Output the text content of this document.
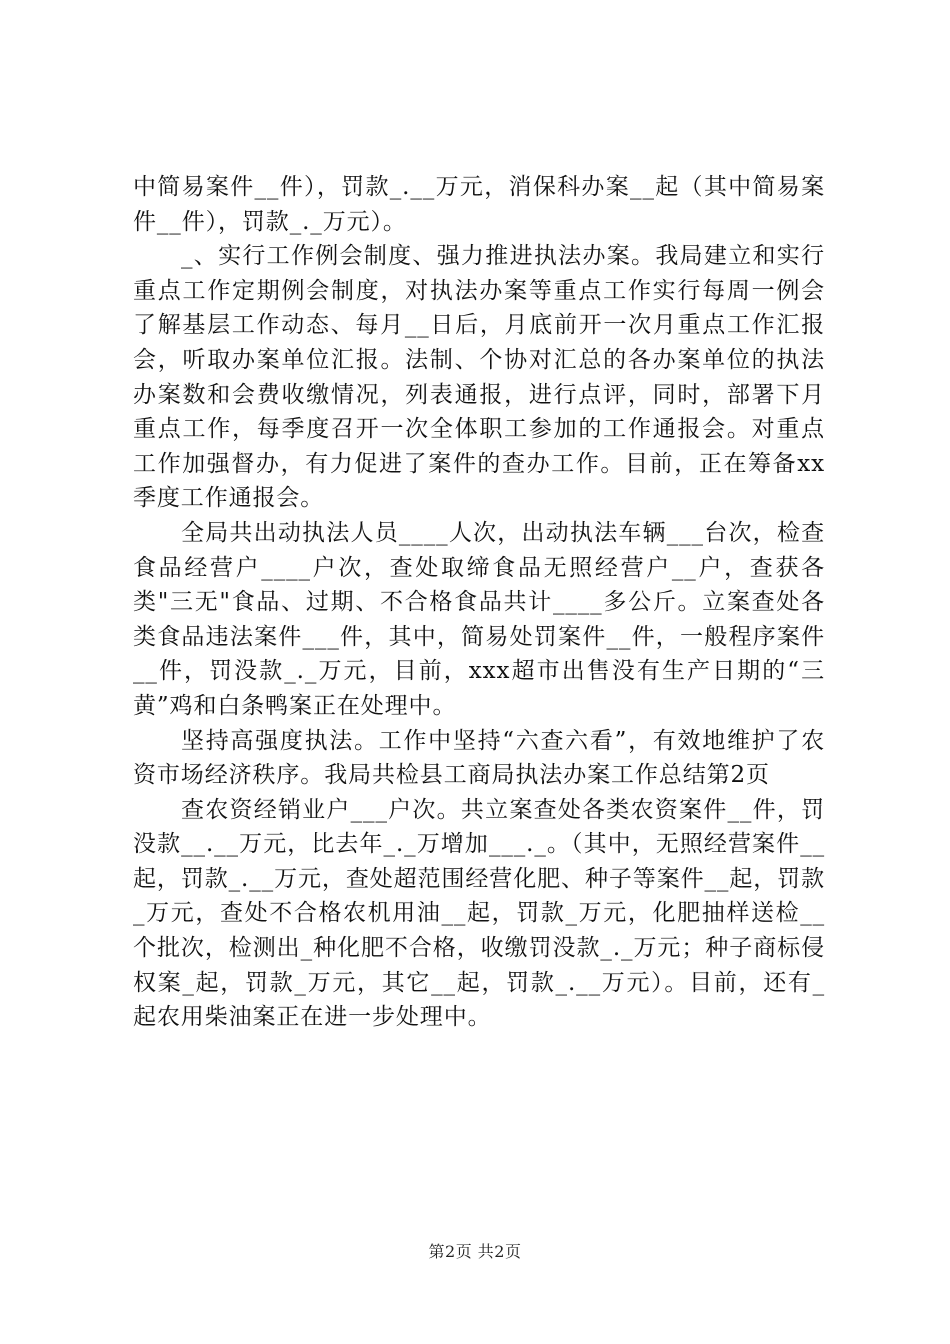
中简易案件__件），罚款_.__万元，消保科办案__起（其中简易案件__件），罚款_._万元）。

_、实行工作例会制度、强力推进执法办案。我局建立和实行重点工作定期例会制度，对执法办案等重点工作实行每周一例会了解基层工作动态、每月__日后，月底前开一次月重点工作汇报会，听取办案单位汇报。法制、个协对汇总的各办案单位的执法办案数和会费收缴情况，列表通报，进行点评，同时，部署下月重点工作，每季度召开一次全体职工参加的工作通报会。对重点工作加强督办，有力促进了案件的查办工作。目前，正在筹备xx季度工作通报会。

全局共出动执法人员____人次，出动执法车辆___台次，检查食品经营户____户次，查处取缔食品无照经营户__户，查获各类"三无"食品、过期、不合格食品共计____多公斤。立案查处各类食品违法案件___件，其中，简易处罚案件__件，一般程序案件__件，罚没款_._万元，目前，xxx超市出售没有生产日期的“三黄”鸡和白条鸭案正在处理中。

坚持高强度执法。工作中坚持“六查六看”，有效地维护了农资市场经济秩序。我局共检县工商局执法办案工作总结第2页

查农资经销业户___户次。共立案查处各类农资案件__件，罚没款__.__万元，比去年_._万增加___._。（其中，无照经营案件__起，罚款_.__万元，查处超范围经营化肥、种子等案件__起，罚款_万元，查处不合格农机用油__起，罚款_万元，化肥抽样送检__个批次，检测出_种化肥不合格，收缴罚没款_._万元；种子商标侵权案_起，罚款_万元，其它__起，罚款_.__万元）。目前，还有_起农用柴油案正在进一步处理中。

第2页 共2页
